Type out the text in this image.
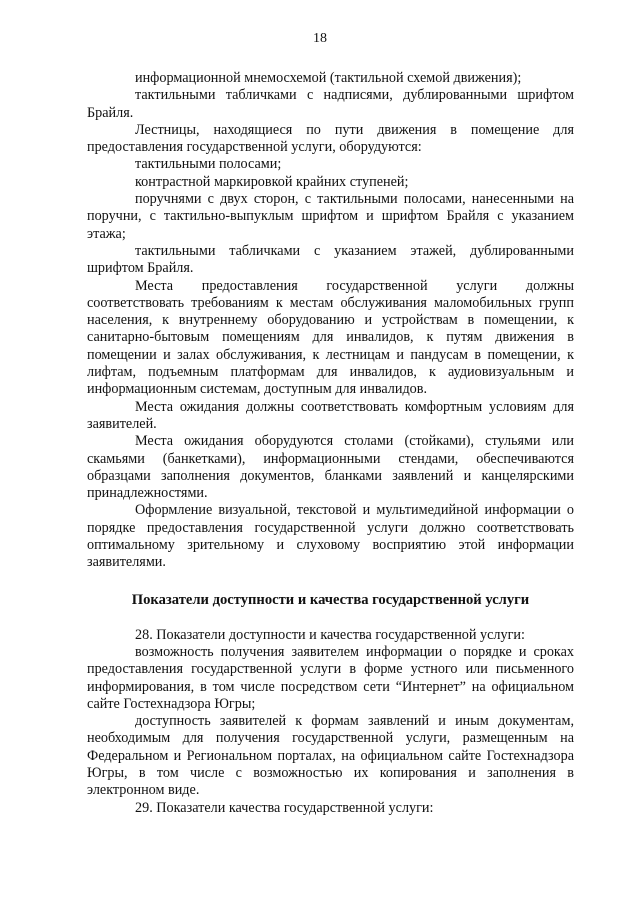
18

информационной мнемосхемой (тактильной схемой движения);

тактильными табличками с надписями, дублированными шрифтом Брайля.

Лестницы, находящиеся по пути движения в помещение для предоставления государственной услуги, оборудуются:

тактильными полосами;

контрастной маркировкой крайних ступеней;

поручнями с двух сторон, с тактильными полосами, нанесенными на поручни, с тактильно-выпуклым шрифтом и шрифтом Брайля с указанием этажа;

тактильными табличками с указанием этажей, дублированными шрифтом Брайля.

Места предоставления государственной услуги должны соответствовать требованиям к местам обслуживания маломобильных групп населения, к внутреннему оборудованию и устройствам в помещении, к санитарно-бытовым помещениям для инвалидов, к путям движения в помещении и залах обслуживания, к лестницам и пандусам в помещении, к лифтам, подъемным платформам для инвалидов, к аудиовизуальным и информационным системам, доступным для инвалидов.

Места ожидания должны соответствовать комфортным условиям для заявителей.

Места ожидания оборудуются столами (стойками), стульями или скамьями (банкетками), информационными стендами, обеспечиваются образцами заполнения документов, бланками заявлений и канцелярскими принадлежностями.

Оформление визуальной, текстовой и мультимедийной информации о порядке предоставления государственной услуги должно соответствовать оптимальному зрительному и слуховому восприятию этой информации заявителями.

Показатели доступности и качества государственной услуги

28. Показатели доступности и качества государственной услуги:

возможность получения заявителем информации о порядке и сроках предоставления государственной услуги в форме устного или письменного информирования, в том числе посредством сети “Интернет” на официальном сайте Гостехнадзора Югры;

доступность заявителей к формам заявлений и иным документам, необходимым для получения государственной услуги, размещенным на Федеральном и Региональном порталах, на официальном сайте Гостехнадзора Югры, в том числе с возможностью их копирования и заполнения в электронном виде.

29. Показатели качества государственной услуги:
